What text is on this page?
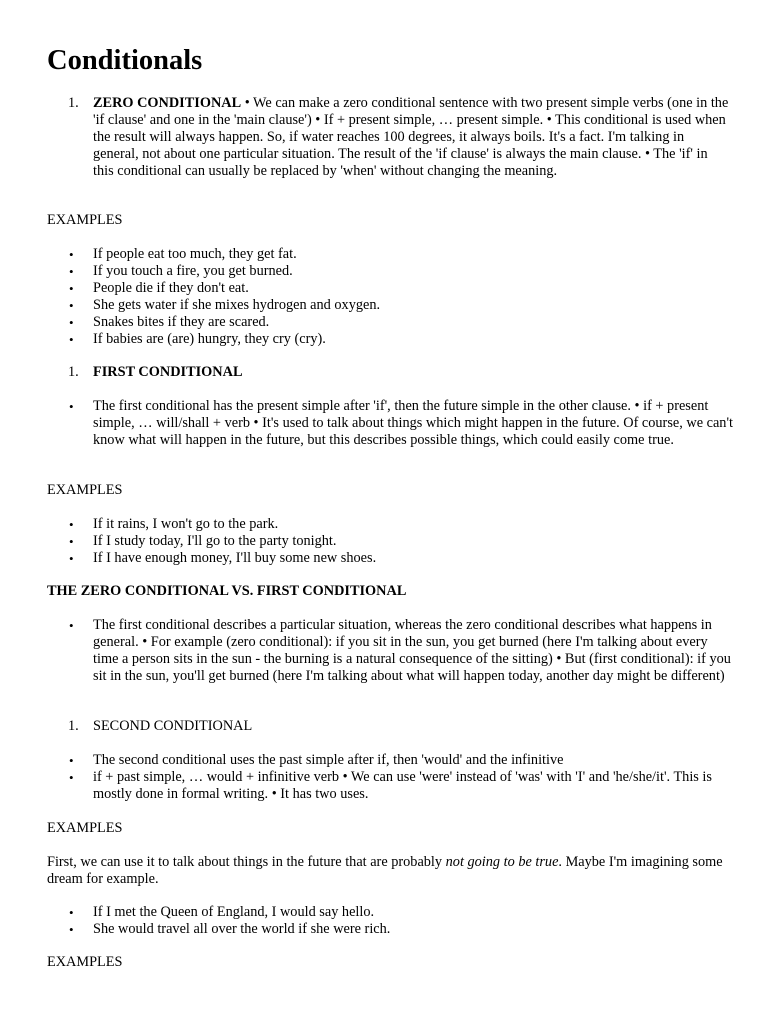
Conditionals
1. ZERO CONDITIONAL • We can make a zero conditional sentence with two present simple verbs (one in the 'if clause' and one in the 'main clause') • If + present simple, … present simple. • This conditional is used when the result will always happen. So, if water reaches 100 degrees, it always boils. It's a fact. I'm talking in general, not about one particular situation. The result of the 'if clause' is always the main clause. • The 'if' in this conditional can usually be replaced by 'when' without changing the meaning.
EXAMPLES
• If people eat too much, they get fat.
• If you touch a fire, you get burned.
• People die if they don't eat.
• She gets water if she mixes hydrogen and oxygen.
• Snakes bites if they are scared.
• If babies are (are) hungry, they cry (cry).
1. FIRST CONDITIONAL
• The first conditional has the present simple after 'if', then the future simple in the other clause. • if + present simple, … will/shall + verb • It's used to talk about things which might happen in the future. Of course, we can't know what will happen in the future, but this describes possible things, which could easily come true.
EXAMPLES
• If it rains, I won't go to the park.
• If I study today, I'll go to the party tonight.
• If I have enough money, I'll buy some new shoes.
THE ZERO CONDITIONAL VS. FIRST CONDITIONAL
• The first conditional describes a particular situation, whereas the zero conditional describes what happens in general. • For example (zero conditional): if you sit in the sun, you get burned (here I'm talking about every time a person sits in the sun - the burning is a natural consequence of the sitting) • But (first conditional): if you sit in the sun, you'll get burned (here I'm talking about what will happen today, another day might be different)
1. SECOND CONDITIONAL
• The second conditional uses the past simple after if, then 'would' and the infinitive
• if + past simple, … would + infinitive verb • We can use 'were' instead of 'was' with 'I' and 'he/she/it'. This is mostly done in formal writing. • It has two uses.
EXAMPLES
First, we can use it to talk about things in the future that are probably not going to be true. Maybe I'm imagining some dream for example.
• If I met the Queen of England, I would say hello.
• She would travel all over the world if she were rich.
EXAMPLES
